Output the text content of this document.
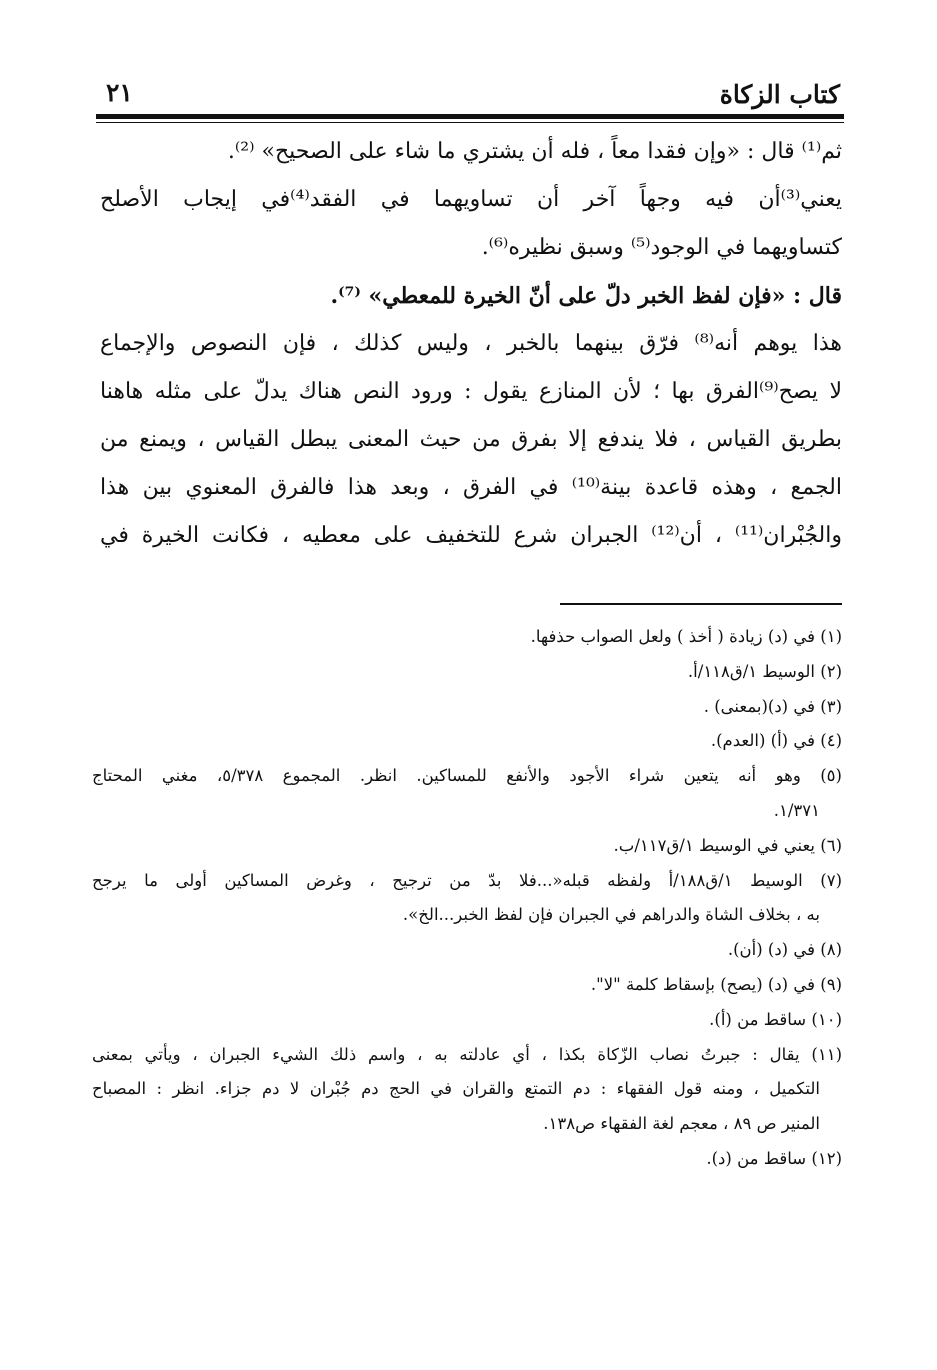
كتاب الزكاة
٢١
ثم⁽¹⁾ قال : «وإن فقدا معاً ، فله أن يشتري ما شاء على الصحيح» ⁽²⁾.
يعني⁽³⁾أن فيه وجهاً آخر أن تساويهما في الفقد⁽⁴⁾في إيجاب الأصلح
كتساويهما في الوجود⁽⁵⁾ وسبق نظيره⁽⁶⁾.
قال : «فإن لفظ الخبر دلّ على أنّ الخيرة للمعطي» ⁽⁷⁾.
هذا يوهم أنه⁽⁸⁾ فرّق بينهما بالخبر ، وليس كذلك ، فإن النصوص والإجماع
لا يصح⁽⁹⁾الفرق بها ؛ لأن المنازع يقول : ورود النص هناك يدلّ على مثله هاهنا
بطريق القياس ، فلا يندفع إلا بفرق من حيث المعنى يبطل القياس ، ويمنع من
الجمع ، وهذه قاعدة بينة⁽¹⁰⁾ في الفرق ، وبعد هذا فالفرق المعنوي بين هذا
والجُبْران⁽¹¹⁾ ، أن⁽¹²⁾ الجبران شرع للتخفيف على معطيه ، فكانت الخيرة في
(١) في (د) زيادة ( أخذ ) ولعل الصواب حذفها.
(٢) الوسيط ١/ق١١٨/أ.
(٣) في (د)(بمعنى) .
(٤) في (أ) (العدم).
(٥) وهو أنه يتعين شراء الأجود والأنفع للمساكين. انظر. المجموع ٥/٣٧٨، مغني المحتاج
١/٣٧١.
(٦) يعني في الوسيط ١/ق١١٧/ب.
(٧) الوسيط ١/ق١٨٨/أ ولفظه قبله«...فلا بدّ من ترجيح ، وغرض المساكين أولى ما يرجح
به ، بخلاف الشاة والدراهم في الجبران فإن لفظ الخبر...الخ».
(٨) في (د) (أن).
(٩) في (د) (يصح) بإسقاط كلمة "لا".
(١٠) ساقط من (أ).
(١١) يقال : جبرتُ نصاب الزّكاة بكذا ، أي عادلته به ، واسم ذلك الشيء الجبران ، ويأتي بمعنى
التكميل ، ومنه قول الفقهاء : دم التمتع والقران في الحج دم جُبْران لا دم جزاء. انظر : المصباح
المنير ص ٨٩ ، معجم لغة الفقهاء ص١٣٨.
(١٢) ساقط من (د).
